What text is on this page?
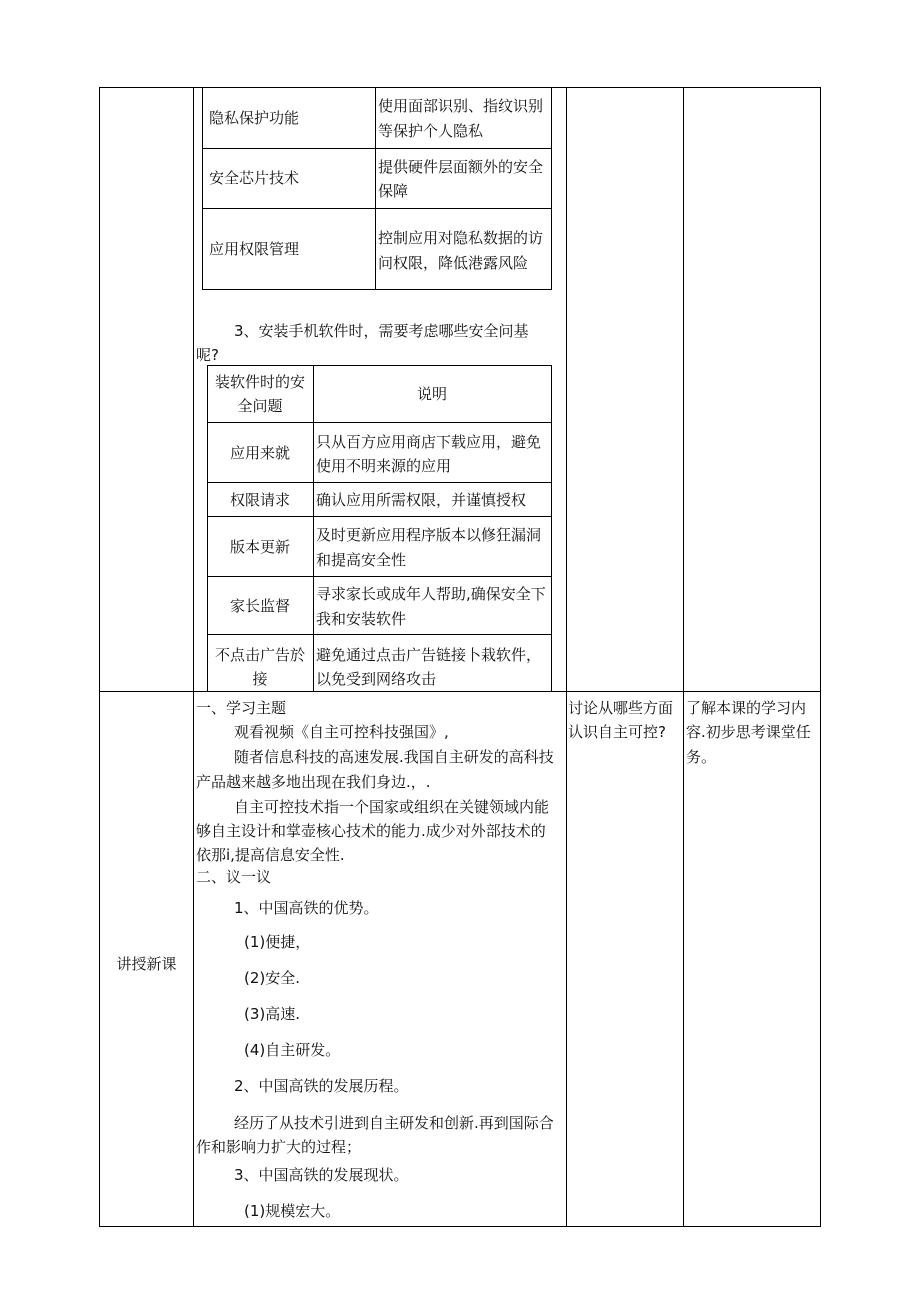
隐私保护功能
使用面部识别、指纹识别
等保护个人隐私
安全芯片技术
提供硬件层面额外的安全
保障
应用权限管理
控制应用对隐私数据的访
问权限，降低港露风险
3、安装手机软件时，需要考虑哪些安全问基
呢?
装软件时的安
全问题
说明
应用来就
只从百方应用商店下载应用，避免
使用不明来源的应用
权限请求	确认应用所需权限，并谨慎授权
版本更新
及时更新应用程序版本以修狂漏洞
和提高安全性
家长监督
寻求家长或成年人帮助,确保安全下
我和安装软件
不点击广告於
接
避免通过点击广告链接卜栽软件，
以免受到网络攻击
讲授新课
一、学习主题
观看视频《自主可控科技强国》,
随者信息科技的高速发展.我国自主研发的高科技
产品越来越多地出现在我们身边.，.
自主可控技术指一个国家或组织在关键领域内能
够自主设计和掌壶核心技术的能力.成少对外部技术的
依那i,提高信息安全性.
二、议一议
1、中国高铁的优势。
(1)便捷，
(2)安全.
(3)高速.
(4)自主研发。
2、中国高铁的发展历程。
经历了从技术引进到自主研发和创新.再到国际合
作和影响力扩大的过程；
3、中国高铁的发展现状。
(1)规模宏大。
讨论从哪些方面
认识自主可控?
了解本课的学习内
容.初步思考课堂任
务。
